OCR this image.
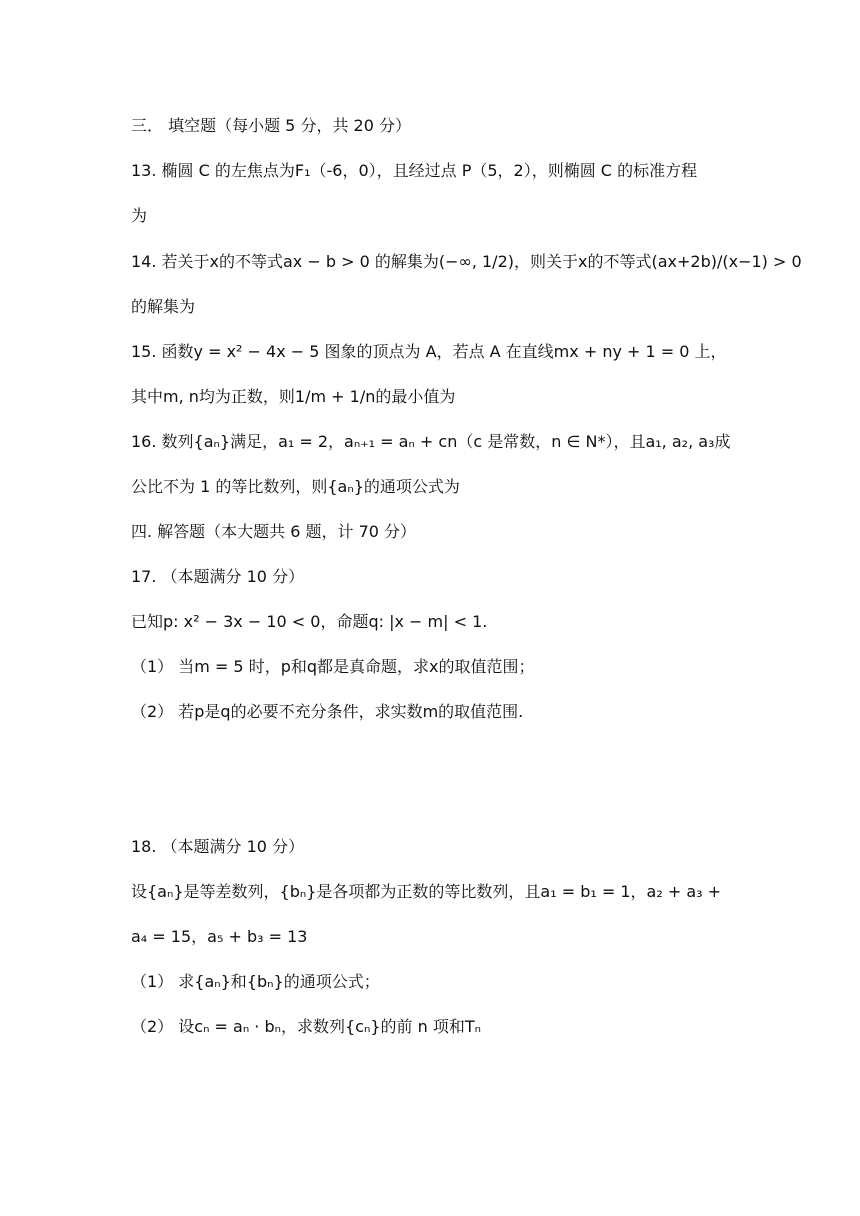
三． 填空题（每小题 5 分，共 20 分）
13. 椭圆 C 的左焦点为F₁（-6，0），且经过点 P（5，2），则椭圆 C 的标准方程
为
14. 若关于x的不等式ax − b > 0 的解集为(−∞, 1/2)，则关于x的不等式(ax+2b)/(x−1) > 0
的解集为
15. 函数y = x² − 4x − 5 图象的顶点为 A，若点 A 在直线mx + ny + 1 = 0 上，
其中m, n均为正数，则1/m + 1/n的最小值为
16. 数列{aₙ}满足，a₁ = 2，aₙ₊₁ = aₙ + cn（c 是常数，n ∈ N*），且a₁, a₂, a₃成
公比不为 1 的等比数列，则{aₙ}的通项公式为
四. 解答题（本大题共 6 题，计 70 分）
17. （本题满分 10 分）
已知p: x² − 3x − 10 < 0，命题q: |x − m| < 1.
（1） 当m = 5 时，p和q都是真命题，求x的取值范围；
（2） 若p是q的必要不充分条件，求实数m的取值范围.
18. （本题满分 10 分）
设{aₙ}是等差数列，{bₙ}是各项都为正数的等比数列，且a₁ = b₁ = 1，a₂ + a₃ +
a₄ = 15，a₅ + b₃ = 13
（1） 求{aₙ}和{bₙ}的通项公式；
（2） 设cₙ = aₙ · bₙ，求数列{cₙ}的前 n 项和Tₙ
